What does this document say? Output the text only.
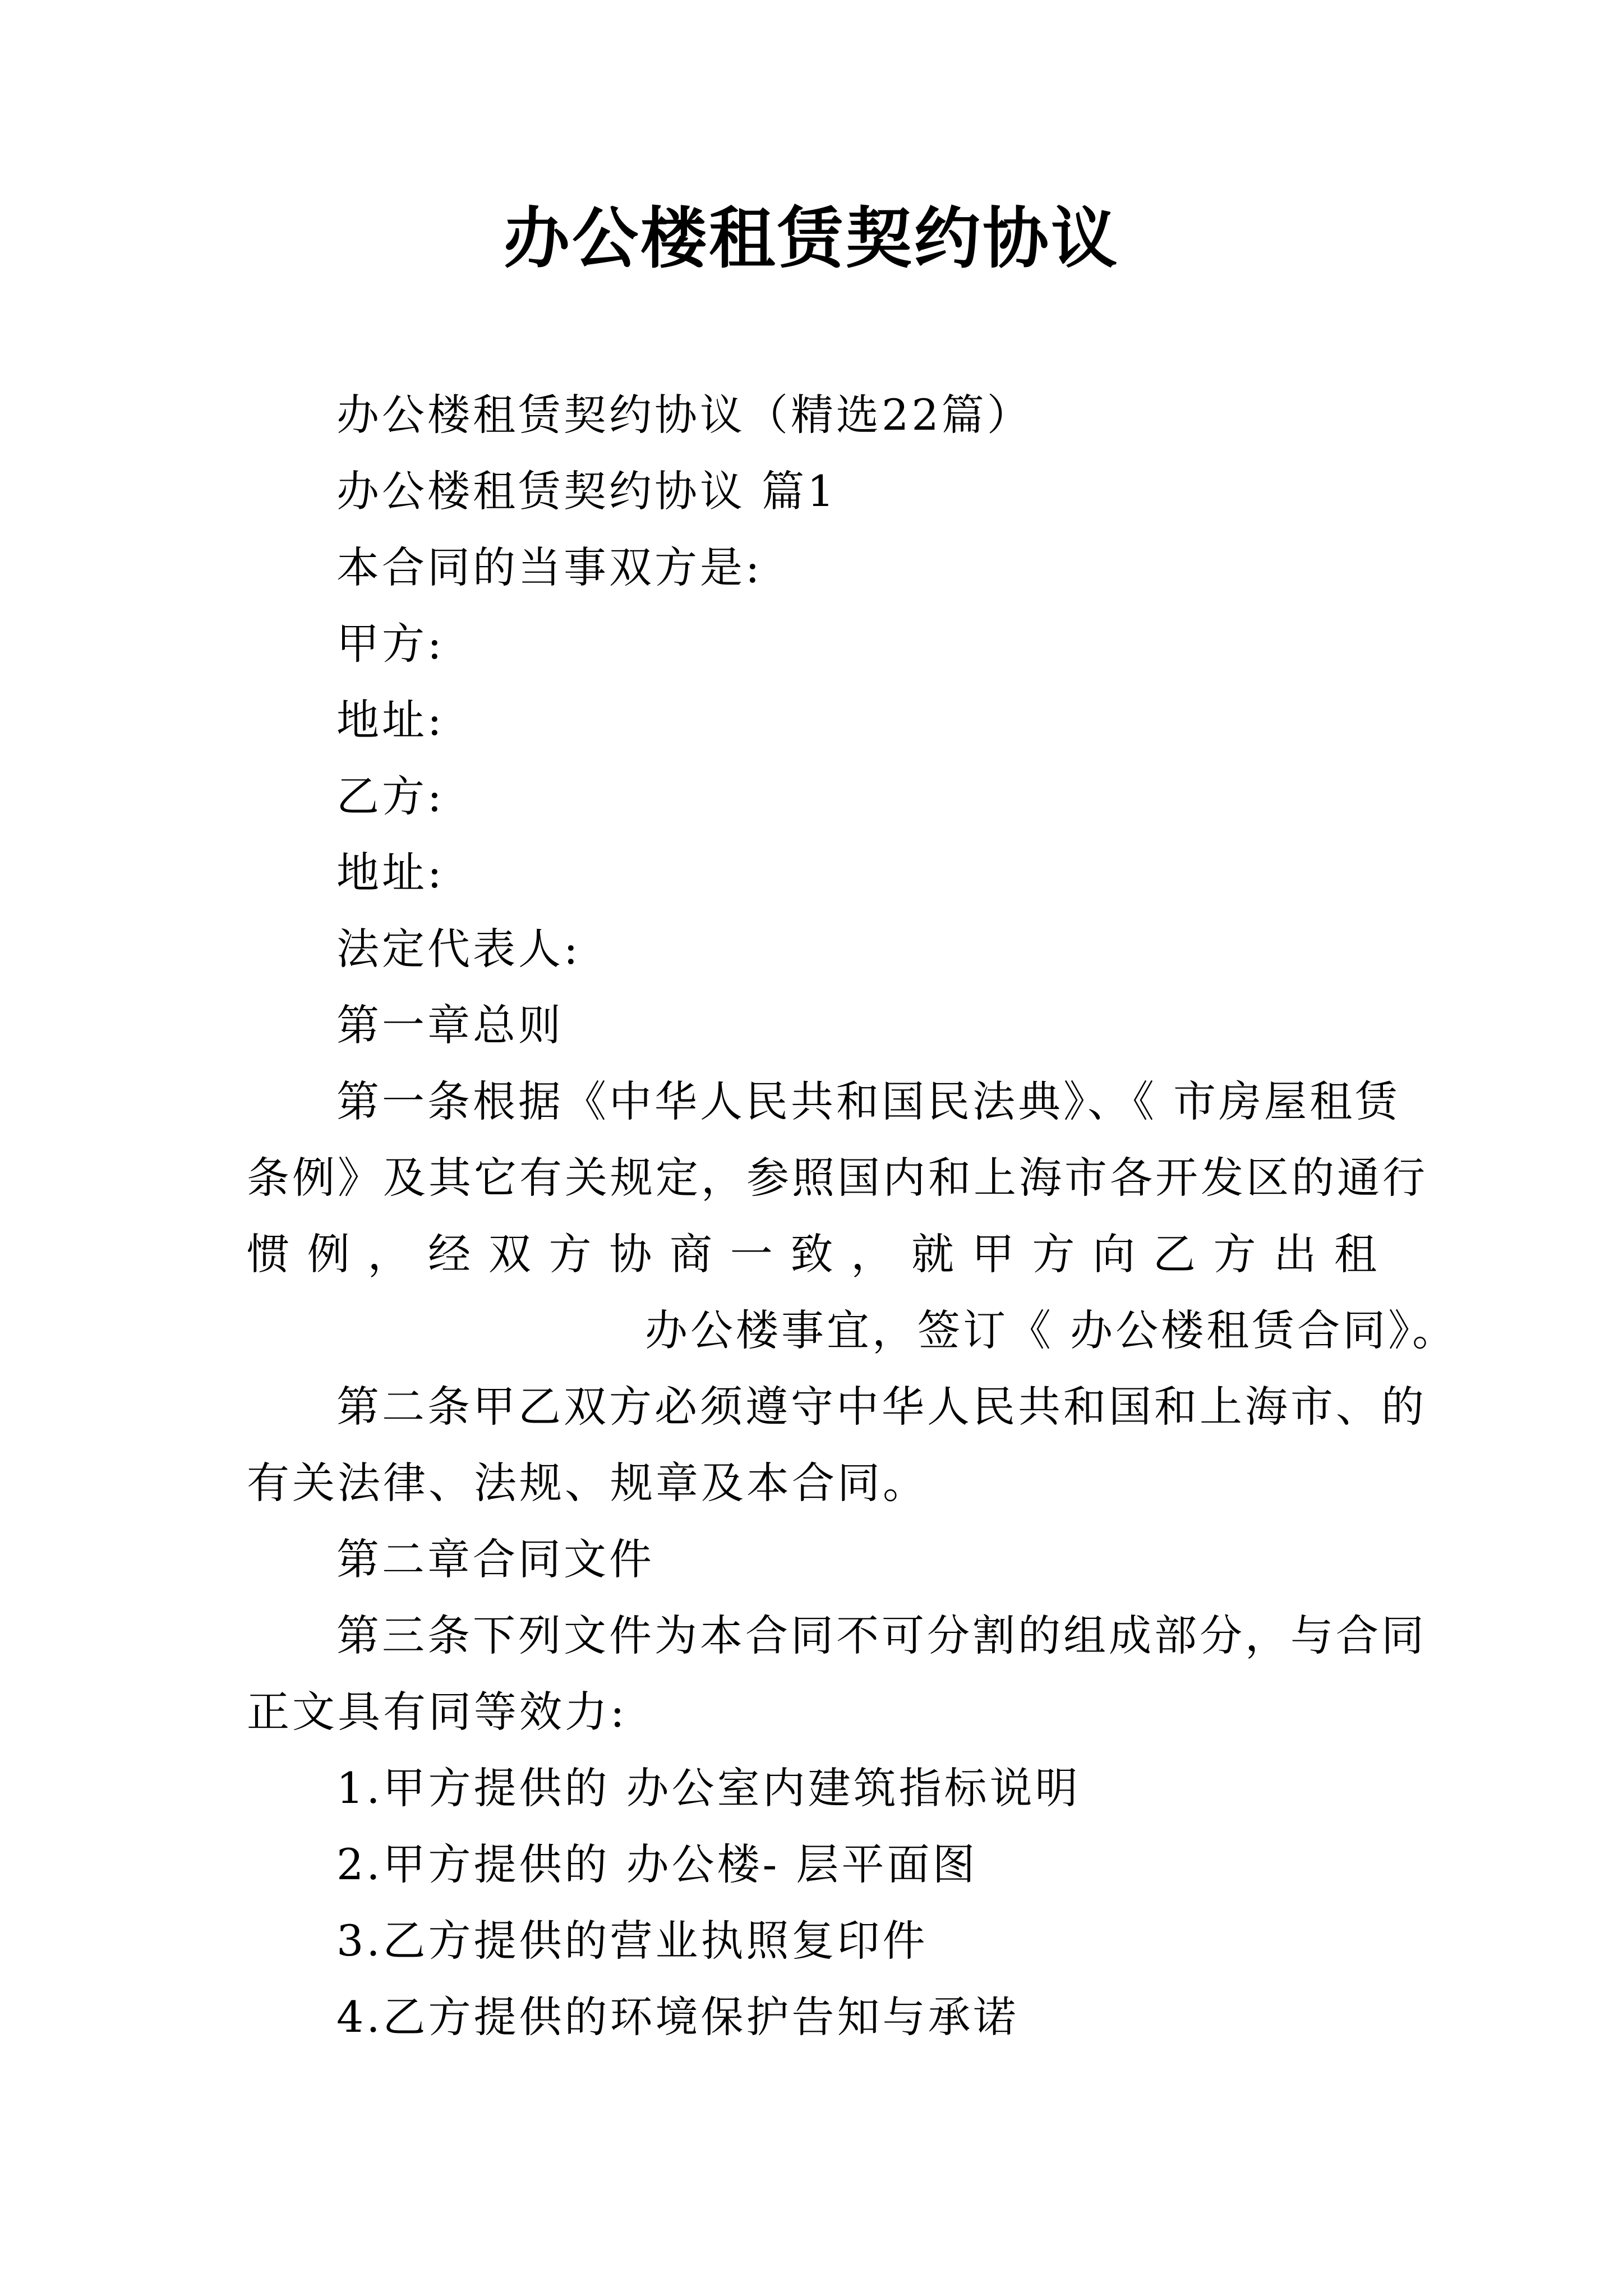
办公楼租赁契约协议
办公楼租赁契约协议（精选22篇）
办公楼租赁契约协议 篇1
本合同的当事双方是:
甲方:
地址:
乙方:
地址:
法定代表人:
第一章总则
第一条根据《中华人民共和国民法典》、《 市房屋租赁
条例》及其它有关规定，参照国内和上海市各开发区的通行
惯例，经双方协商一致，就甲方向乙方出租
办公楼事宜，签订《 办公楼租赁合同》。
第二条甲乙双方必须遵守中华人民共和国和上海市、的
有关法律、法规、规章及本合同。
第二章合同文件
第三条下列文件为本合同不可分割的组成部分，与合同
正文具有同等效力:
1.甲方提供的 办公室内建筑指标说明
2.甲方提供的 办公楼- 层平面图
3.乙方提供的营业执照复印件
4.乙方提供的环境保护告知与承诺
